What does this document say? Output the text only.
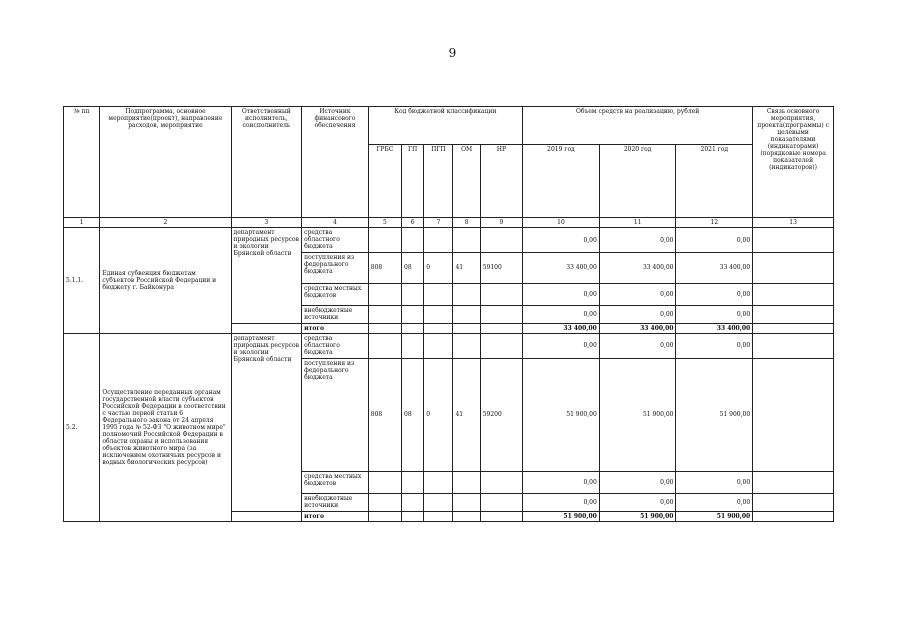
9
№ пп	Подпрограмма, основное мероприятие(проект), направление расходов, мероприятие	Ответственный исполнитель, соисполнитель	Источник финансового обеспечения	Код бюджетной классификации					Объем средств на реализацию, рублей			Связь основного мероприятия, проекта(программы) с целевыми показателями (индикаторами) (порядковые номера показателей (индикаторов))
				ГРБС	ГП	ПГП	ОМ	НР	2019 год	2020 год	2021 год	
1	2	3	4	5	6	7	8	9	10	11	12	13
5.1.1.	Единая субвенция бюджетам субъектов Российской Федерации и бюджету г. Байконура	департамент природных ресурсов и экологии Брянской области	средства областного бюджета						0,00	0,00	0,00	
			поступления из федерального бюджета	808	08	0	41	59100	33 400,00	33 400,00	33 400,00	
			средства местных бюджетов						0,00	0,00	0,00	
			внебюджетные источники						0,00	0,00	0,00	
			итого						33 400,00	33 400,00	33 400,00	
5.2.	Осуществление переданных органам государственной власти субъектов Российской Федерации в соответствии с частью первой статьи 6 Федерального закона от 24 апреля 1995 года № 52-ФЗ "О животном мире" полномочий Российской Федерации в области охраны и использования объектов животного мира (за исключением охотничьих ресурсов и водных биологических ресурсов)	департамент природных ресурсов и экологии Брянской области	средства областного бюджета						0,00	0,00	0,00	
			поступления из федерального бюджета	808	08	0	41	59200	51 900,00	51 900,00	51 900,00	
			средства местных бюджетов						0,00	0,00	0,00	
			внебюджетные источники						0,00	0,00	0,00	
			итого						51 900,00	51 900,00	51 900,00	
